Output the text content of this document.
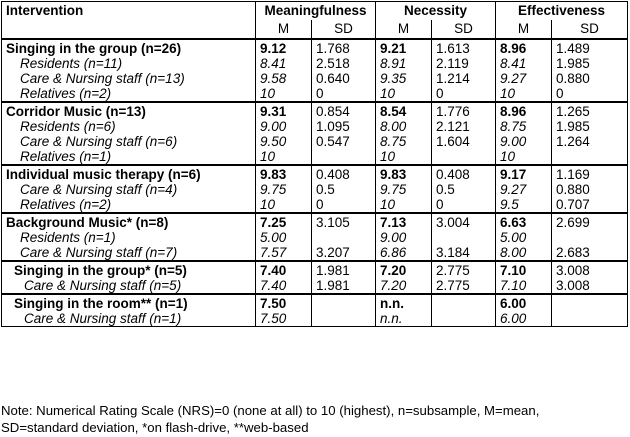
Intervention	Meaningfulness		Necessity		Effectiveness	
	M	SD	M	SD	M	SD
Singing in the group (n=26)	9.12	1.768	9.21	1.613	8.96	1.489
Residents (n=11)	8.41	2.518	8.91	2.119	8.41	1.985
Care & Nursing staff (n=13)	9.58	0.640	9.35	1.214	9.27	0.880
Relatives (n=2)	10	0	10	0	10	0
Corridor Music (n=13)	9.31	0.854	8.54	1.776	8.96	1.265
Residents (n=6)	9.00	1.095	8.00	2.121	8.75	1.985
Care & Nursing staff (n=6)	9.50	0.547	8.75	1.604	9.00	1.264
Relatives (n=1)	10		10		10	
Individual music therapy (n=6)	9.83	0.408	9.83	0.408	9.17	1.169
Care & Nursing staff (n=4)	9.75	0.5	9.75	0.5	9.27	0.880
Relatives (n=2)	10	0	10	0	9.5	0.707
Background Music* (n=8)	7.25	3.105	7.13	3.004	6.63	2.699
Residents (n=1)	5.00		9.00		5.00	
Care & Nursing staff (n=7)	7.57	3.207	6.86	3.184	8.00	2.683
Singing in the group* (n=5)	7.40	1.981	7.20	2.775	7.10	3.008
Care & Nursing staff (n=5)	7.40	1.981	7.20	2.775	7.10	3.008
Singing in the room** (n=1)	7.50		n.n.		6.00	
Care & Nursing staff (n=1)	7.50		n.n.		6.00	
Note: Numerical Rating Scale (NRS)=0 (none at all) to 10 (highest), n=subsample, M=mean,
SD=standard deviation, *on flash-drive, **web-based
